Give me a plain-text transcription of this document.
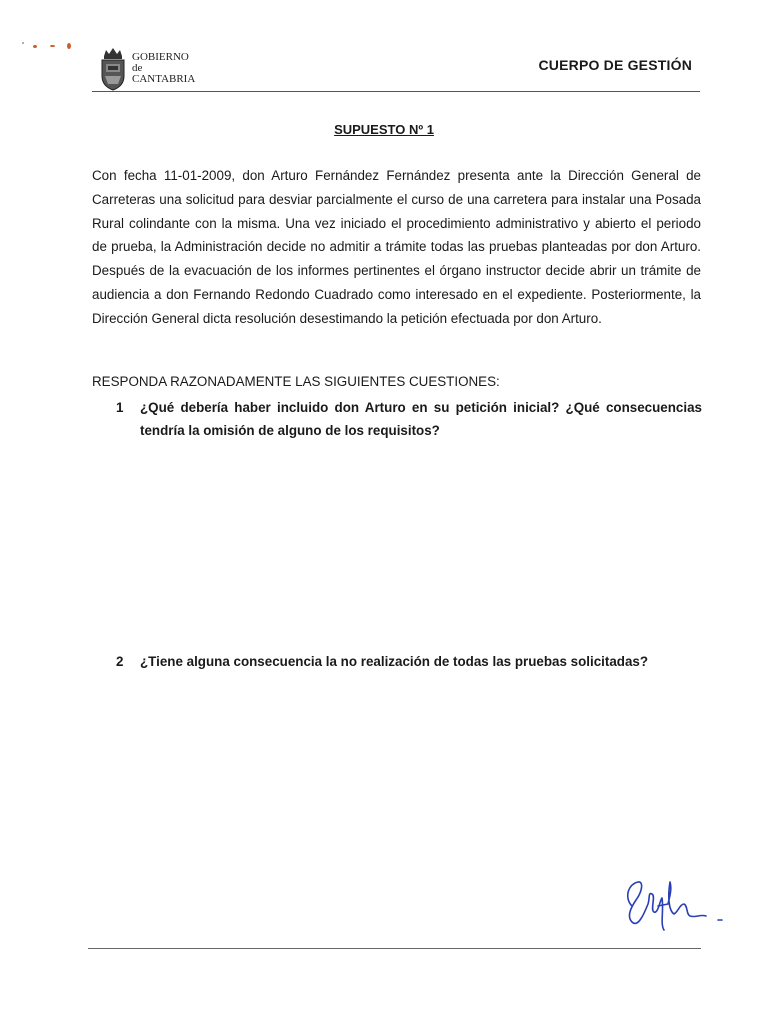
GOBIERNO
de
CANTABRIA
CUERPO DE GESTIÓN
SUPUESTO Nº 1
Con fecha 11-01-2009, don Arturo Fernández Fernández presenta ante la Dirección General de Carreteras una solicitud para desviar parcialmente el curso de una carretera para instalar una Posada Rural colindante con la misma. Una vez iniciado el procedimiento administrativo y abierto el periodo de prueba, la Administración decide no admitir a trámite todas las pruebas planteadas por don Arturo. Después de la evacuación de los informes pertinentes el órgano instructor decide abrir un trámite de audiencia a don Fernando Redondo Cuadrado como interesado en el expediente. Posteriormente, la Dirección General dicta resolución desestimando la petición efectuada por don Arturo.
RESPONDA RAZONADAMENTE LAS SIGUIENTES CUESTIONES:
1	¿Qué debería haber incluido don Arturo en su petición inicial? ¿Qué consecuencias tendría la omisión de alguno de los requisitos?
2	¿Tiene alguna consecuencia la no realización de todas las pruebas solicitadas?
